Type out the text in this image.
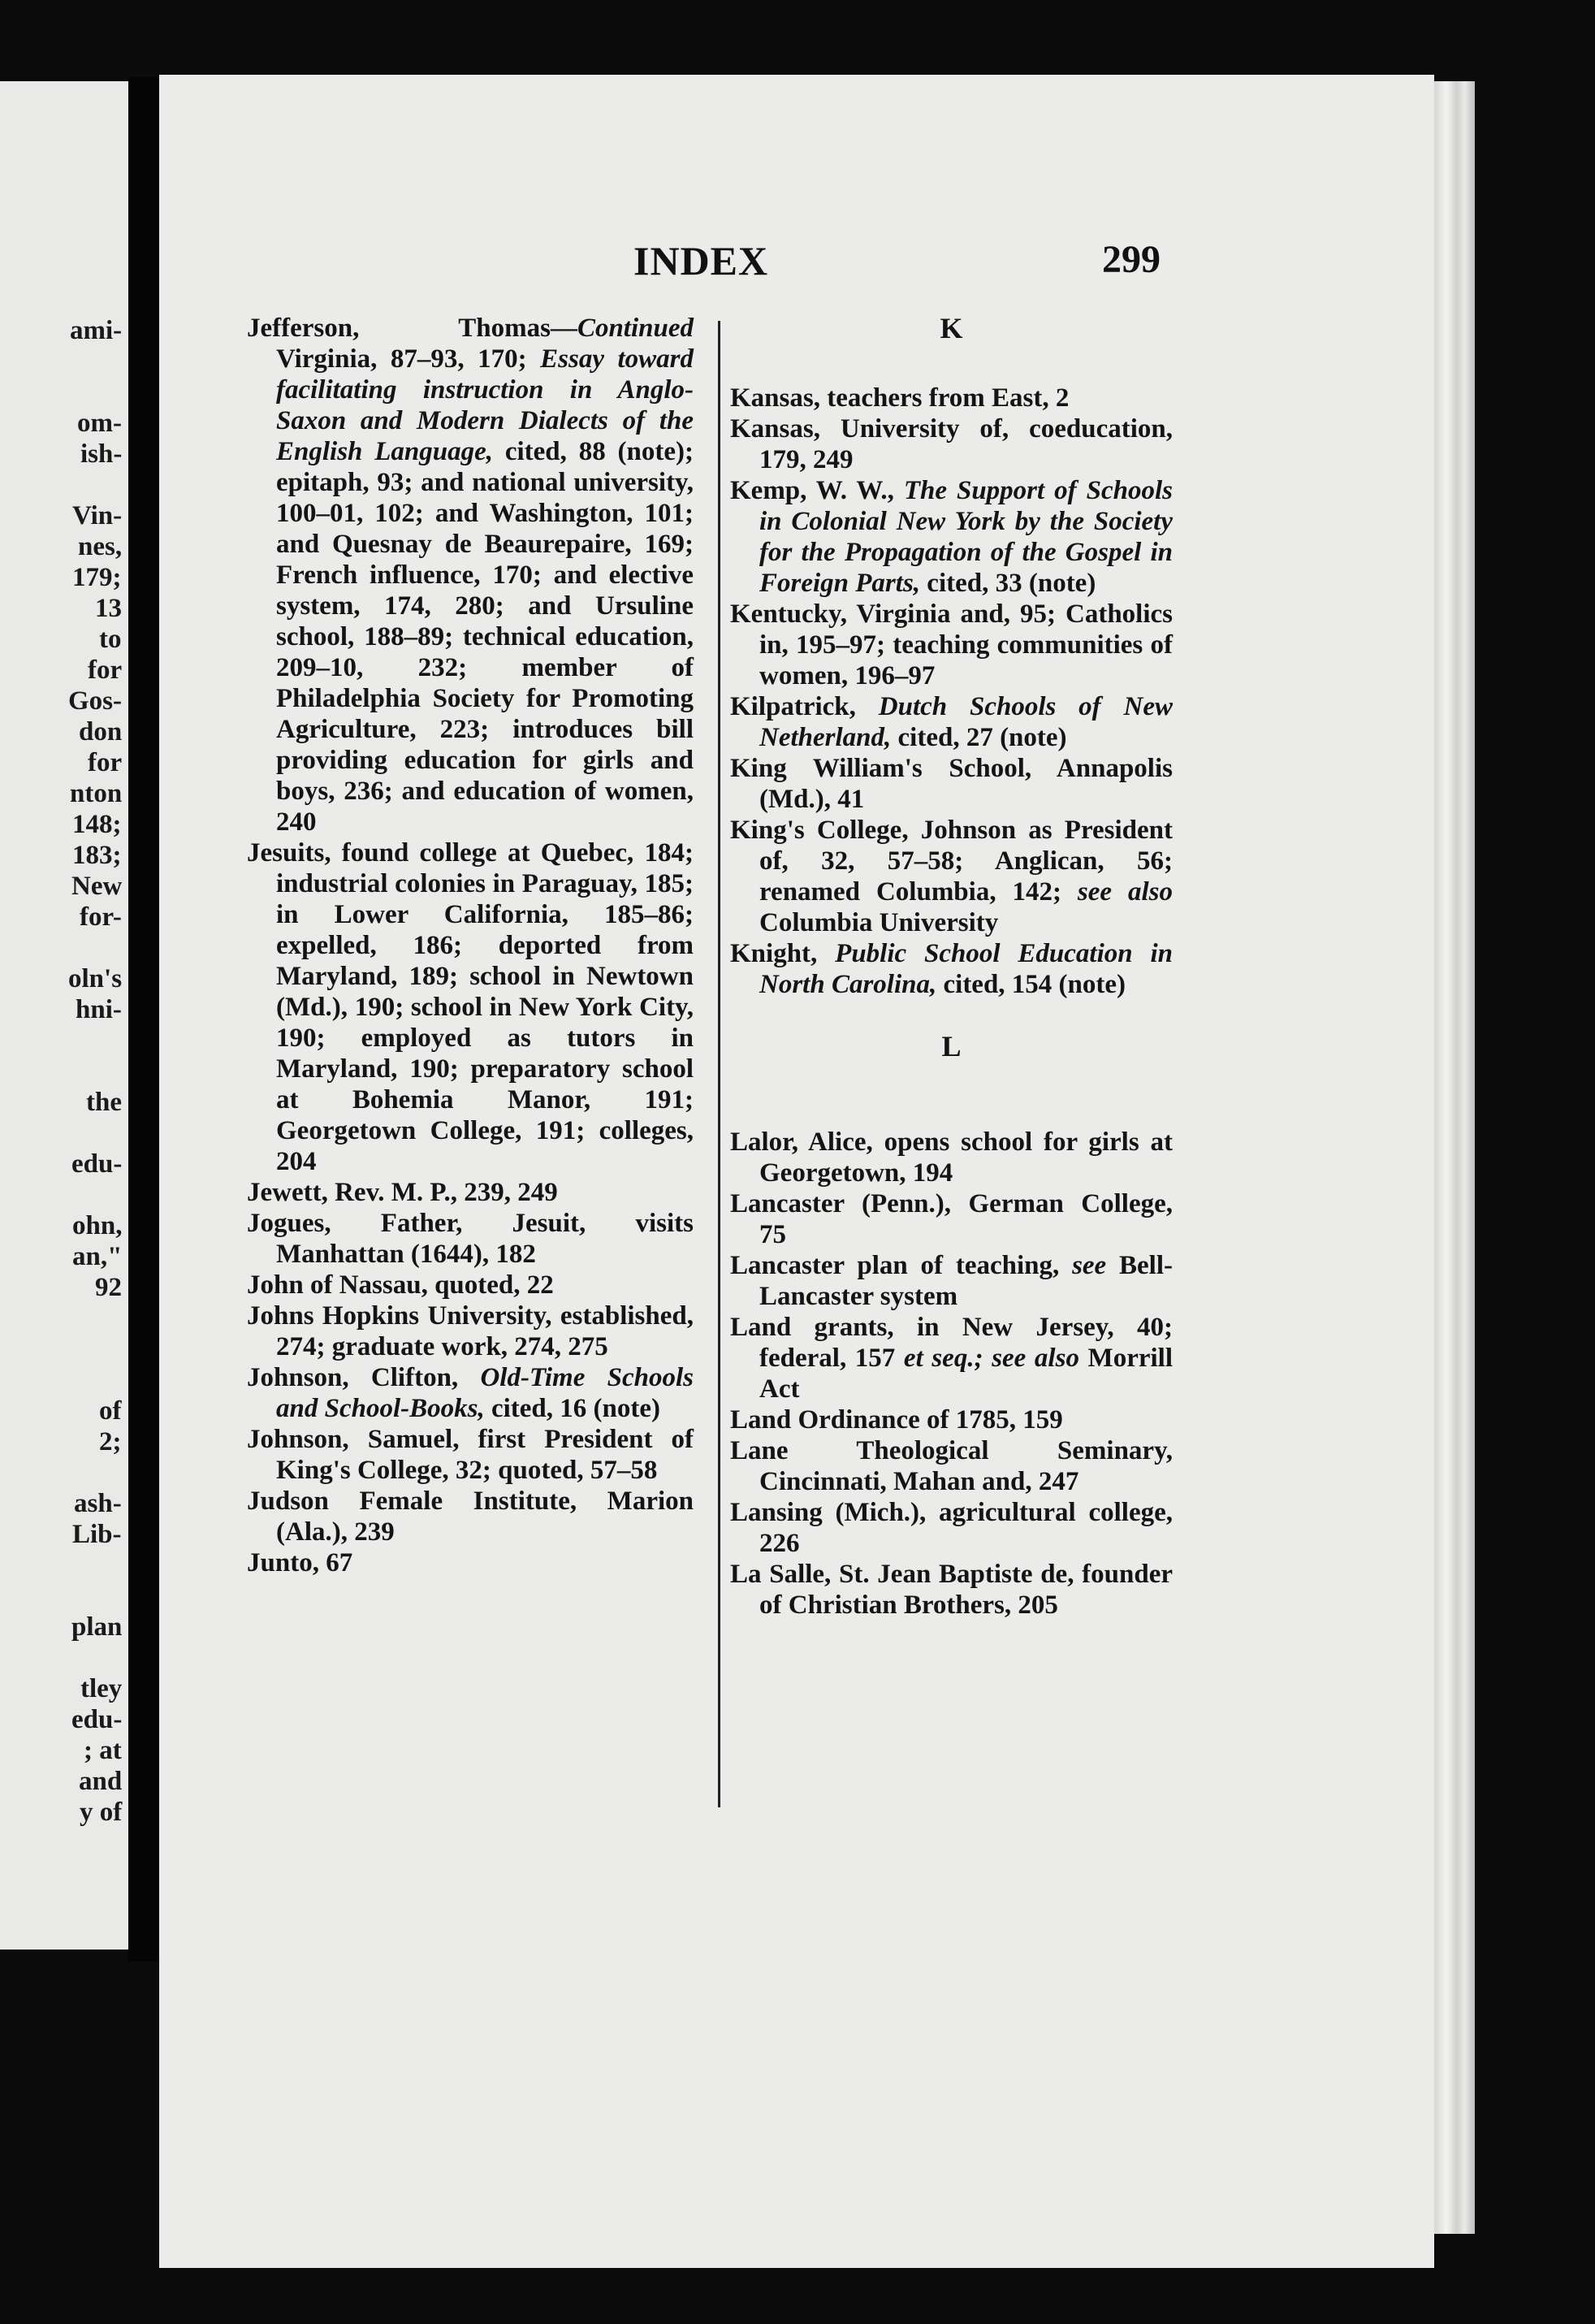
ami-
om-
ish-
Vin-
nes,
179;
13
to
for
Gos-
don
for
nton
148;
183;
New
for-
oln's
hni-
the
edu-
ohn,
an,"
92
of
2;
ash-
Lib-
plan
tley
edu-
; at
and
y of
INDEX	299

Jefferson, Thomas—Continued Virginia, 87–93, 170; Essay toward facilitating instruction in Anglo-Saxon and Modern Dialects of the English Language, cited, 88 (note); epitaph, 93; and national university, 100–01, 102; and Washington, 101; and Quesnay de Beaurepaire, 169; French influence, 170; and elective system, 174, 280; and Ursuline school, 188–89; technical education, 209–10, 232; member of Philadelphia Society for Promoting Agriculture, 223; introduces bill providing education for girls and boys, 236; and education of women, 240

Jesuits, found college at Quebec, 184; industrial colonies in Paraguay, 185; in Lower California, 185–86; expelled, 186; deported from Maryland, 189; school in Newtown (Md.), 190; school in New York City, 190; employed as tutors in Maryland, 190; preparatory school at Bohemia Manor, 191; Georgetown College, 191; colleges, 204

Jewett, Rev. M. P., 239, 249

Jogues, Father, Jesuit, visits Manhattan (1644), 182

John of Nassau, quoted, 22

Johns Hopkins University, established, 274; graduate work, 274, 275

Johnson, Clifton, Old-Time Schools and School-Books, cited, 16 (note)

Johnson, Samuel, first President of King's College, 32; quoted, 57–58

Judson Female Institute, Marion (Ala.), 239

Junto, 67

K

Kansas, teachers from East, 2

Kansas, University of, coeducation, 179, 249

Kemp, W. W., The Support of Schools in Colonial New York by the Society for the Propagation of the Gospel in Foreign Parts, cited, 33 (note)

Kentucky, Virginia and, 95; Catholics in, 195–97; teaching communities of women, 196–97

Kilpatrick, Dutch Schools of New Netherland, cited, 27 (note)

King William's School, Annapolis (Md.), 41

King's College, Johnson as President of, 32, 57–58; Anglican, 56; renamed Columbia, 142; see also Columbia University

Knight, Public School Education in North Carolina, cited, 154 (note)

L

Lalor, Alice, opens school for girls at Georgetown, 194

Lancaster (Penn.), German College, 75

Lancaster plan of teaching, see Bell-Lancaster system

Land grants, in New Jersey, 40; federal, 157 et seq.; see also Morrill Act

Land Ordinance of 1785, 159

Lane Theological Seminary, Cincinnati, Mahan and, 247

Lansing (Mich.), agricultural college, 226

La Salle, St. Jean Baptiste de, founder of Christian Brothers, 205
